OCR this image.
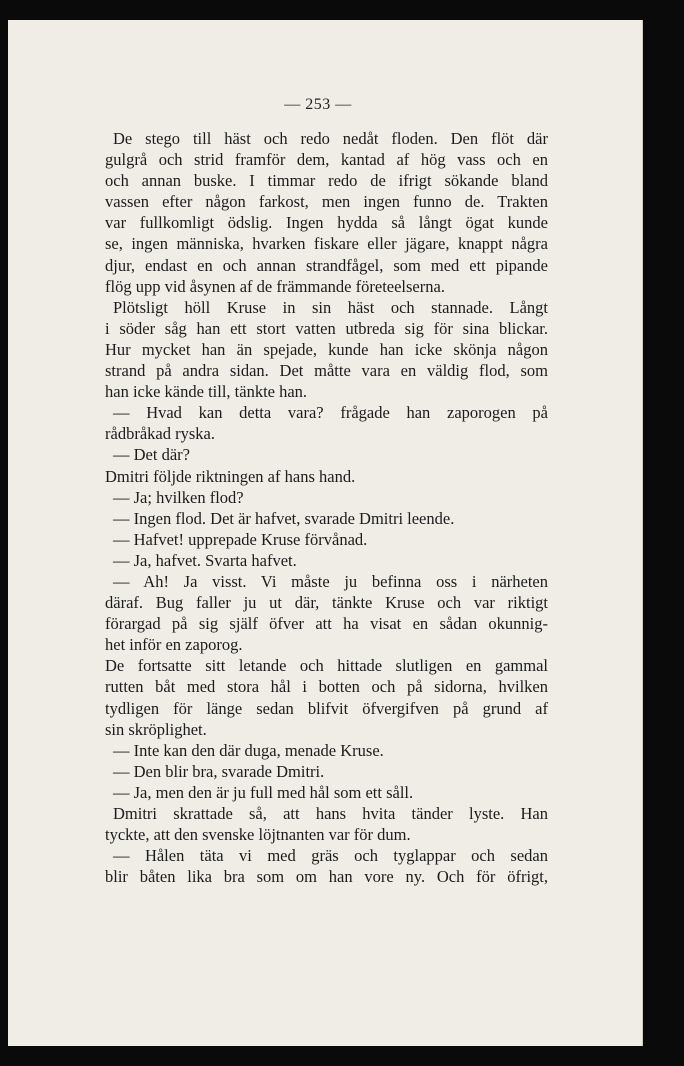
— 253 —
De stego till häst och redo nedåt floden. Den flöt där
gulgrå och strid framför dem, kantad af hög vass och en
och annan buske. I timmar redo de ifrigt sökande bland
vassen efter någon farkost, men ingen funno de. Trakten
var fullkomligt ödslig. Ingen hydda så långt ögat kunde
se, ingen människa, hvarken fiskare eller jägare, knappt några
djur, endast en och annan strandfågel, som med ett pipande
flög upp vid åsynen af de främmande företeelserna.
Plötsligt höll Kruse in sin häst och stannade. Långt
i söder såg han ett stort vatten utbreda sig för sina blickar.
Hur mycket han än spejade, kunde han icke skönja någon
strand på andra sidan. Det måtte vara en väldig flod, som
han icke kände till, tänkte han.
— Hvad kan detta vara? frågade han zaporogen på
rådbråkad ryska.
— Det där?
Dmitri följde riktningen af hans hand.
— Ja; hvilken flod?
— Ingen flod. Det är hafvet, svarade Dmitri leende.
— Hafvet! upprepade Kruse förvånad.
— Ja, hafvet. Svarta hafvet.
— Ah! Ja visst. Vi måste ju befinna oss i närheten
däraf. Bug faller ju ut där, tänkte Kruse och var riktigt
förargad på sig själf öfver att ha visat en sådan okunnig-
het inför en zaporog.
De fortsatte sitt letande och hittade slutligen en gammal
rutten båt med stora hål i botten och på sidorna, hvilken
tydligen för länge sedan blifvit öfvergifven på grund af
sin skröplighet.
— Inte kan den där duga, menade Kruse.
— Den blir bra, svarade Dmitri.
— Ja, men den är ju full med hål som ett såll.
Dmitri skrattade så, att hans hvita tänder lyste. Han
tyckte, att den svenske löjtnanten var för dum.
— Hålen täta vi med gräs och tyglappar och sedan
blir båten lika bra som om han vore ny. Och för öfrigt,
